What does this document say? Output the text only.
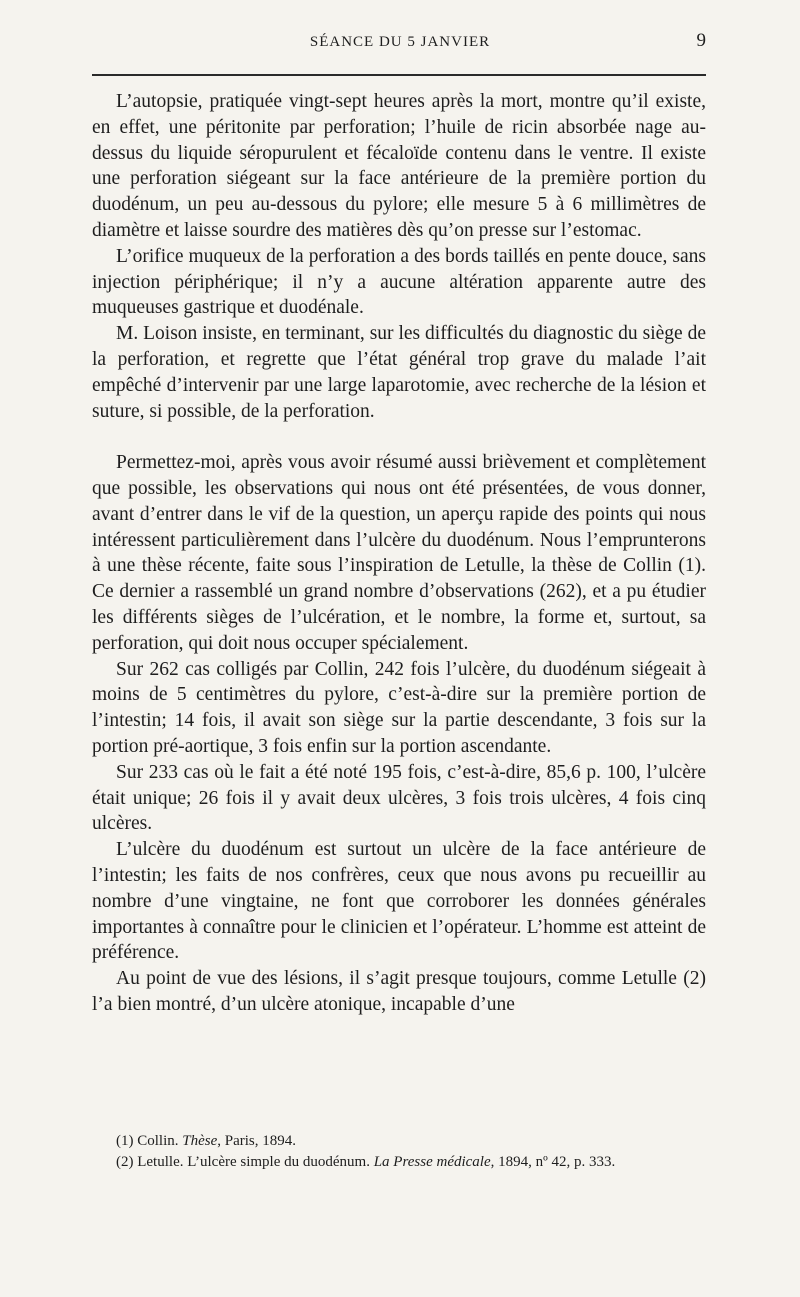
SÉANCE DU 5 JANVIER	9

L’autopsie, pratiquée vingt-sept heures après la mort, montre qu’il existe, en effet, une péritonite par perforation; l’huile de ricin absorbée nage au-dessus du liquide séropurulent et fécaloïde contenu dans le ventre. Il existe une perforation siégeant sur la face antérieure de la première portion du duodénum, un peu au-dessous du pylore; elle mesure 5 à 6 millimètres de diamètre et laisse sourdre des matières dès qu’on presse sur l’estomac.

L’orifice muqueux de la perforation a des bords taillés en pente douce, sans injection périphérique; il n’y a aucune altération apparente autre des muqueuses gastrique et duodénale.

M. Loison insiste, en terminant, sur les difficultés du diagnostic du siège de la perforation, et regrette que l’état général trop grave du malade l’ait empêché d’intervenir par une large laparotomie, avec recherche de la lésion et suture, si possible, de la perforation.

Permettez-moi, après vous avoir résumé aussi brièvement et complètement que possible, les observations qui nous ont été présentées, de vous donner, avant d’entrer dans le vif de la question, un aperçu rapide des points qui nous intéressent particulièrement dans l’ulcère du duodénum. Nous l’emprunterons à une thèse récente, faite sous l’inspiration de Letulle, la thèse de Collin (1). Ce dernier a rassemblé un grand nombre d’observations (262), et a pu étudier les différents sièges de l’ulcération, et le nombre, la forme et, surtout, sa perforation, qui doit nous occuper spécialement.

Sur 262 cas colligés par Collin, 242 fois l’ulcère, du duodénum siégeait à moins de 5 centimètres du pylore, c’est-à-dire sur la première portion de l’intestin; 14 fois, il avait son siège sur la partie descendante, 3 fois sur la portion pré-aortique, 3 fois enfin sur la portion ascendante.

Sur 233 cas où le fait a été noté 195 fois, c’est-à-dire, 85,6 p. 100, l’ulcère était unique; 26 fois il y avait deux ulcères, 3 fois trois ulcères, 4 fois cinq ulcères.

L’ulcère du duodénum est surtout un ulcère de la face antérieure de l’intestin; les faits de nos confrères, ceux que nous avons pu recueillir au nombre d’une vingtaine, ne font que corroborer les données générales importantes à connaître pour le clinicien et l’opérateur. L’homme est atteint de préférence.

Au point de vue des lésions, il s’agit presque toujours, comme Letulle (2) l’a bien montré, d’un ulcère atonique, incapable d’une

(1) Collin. Thèse, Paris, 1894.

(2) Letulle. L’ulcère simple du duodénum. La Presse médicale, 1894, nº 42, p. 333.
